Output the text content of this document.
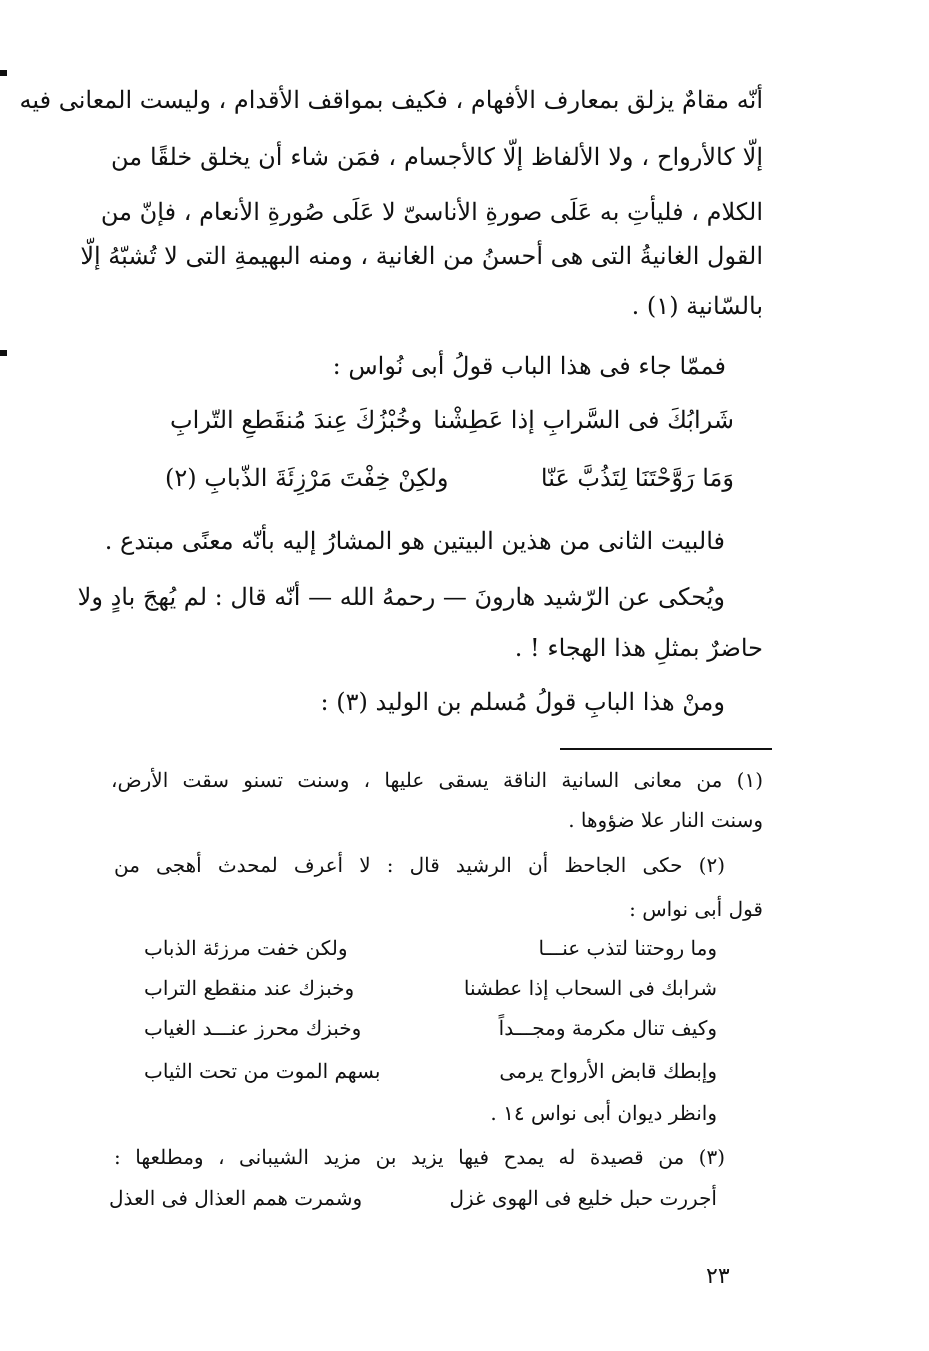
أنّه مقامٌ يزلق بمعارف الأفهام ، فكيف بمواقف الأقدام ، وليست المعانى فيه

إلّا كالأرواح ، ولا الألفاظ إلّا كالأجسام ، فمَن شاء أن يخلق خلقًا من

الكلام ، فليأتِ به عَلَى صورةِ الأناسىّ لا عَلَى صُورةِ الأنعام ، فإنّ من

القول الغانيةُ التى هى أحسنُ من الغانية ، ومنه البهيمةِ التى لا تُشبّهُ إلّا

بالسّانية (١) .

فممّا جاء فى هذا الباب قولُ أبى نُواس :

شَرابُكَ فى السَّرابِ إذا عَطِشْنا
وخُبْزُكَ عِندَ مُنقَطعِ التّرابِ
وَمَا رَوَّحْتَنَا لِتَذُبَّ عَنّا
ولكِنْ خِفْتَ مَرْزِئَةَ الذّبابِ (٢)

فالبيت الثانى من هذين البيتين هو المشارُ إليه بأنّه معنًى مبتدع .

ويُحكى عن الرّشيد هارونَ — رحمهُ الله — أنّه قال : لم يُهجَ بادٍ ولا

حاضرٌ بمثلِ هذا الهجاء ! .

ومنْ هذا البابِ قولُ مُسلم بن الوليد (٣) :

(١) من معانى السانية الناقة يسقى عليها ، وسنت تسنو سقت الأرض،

وسنت النار علا ضؤوها .

(٢) حكى الجاحظ أن الرشيد قال : لا أعرف لمحدث أهجى من

قول أبى نواس :

وما روحتنا لتذب عنـــا
ولكن خفت مرزئة الذباب
شرابك فى السحاب إذا عطشنا
وخبزك عند منقطع التراب
وكيف تنال مكرمة ومجـــداً
وخبزك محرز عنـــد الغياب
وإبطك قابض الأرواح يرمى
بسهم الموت من تحت الثياب

وانظر ديوان أبى نواس ١٤ .

(٣) من قصيدة له يمدح فيها يزيد بن مزيد الشيبانى ، ومطلعها :

أجررت حبل خليع فى الهوى غزل
وشمرت همم العذال فى العذل
٢٣
